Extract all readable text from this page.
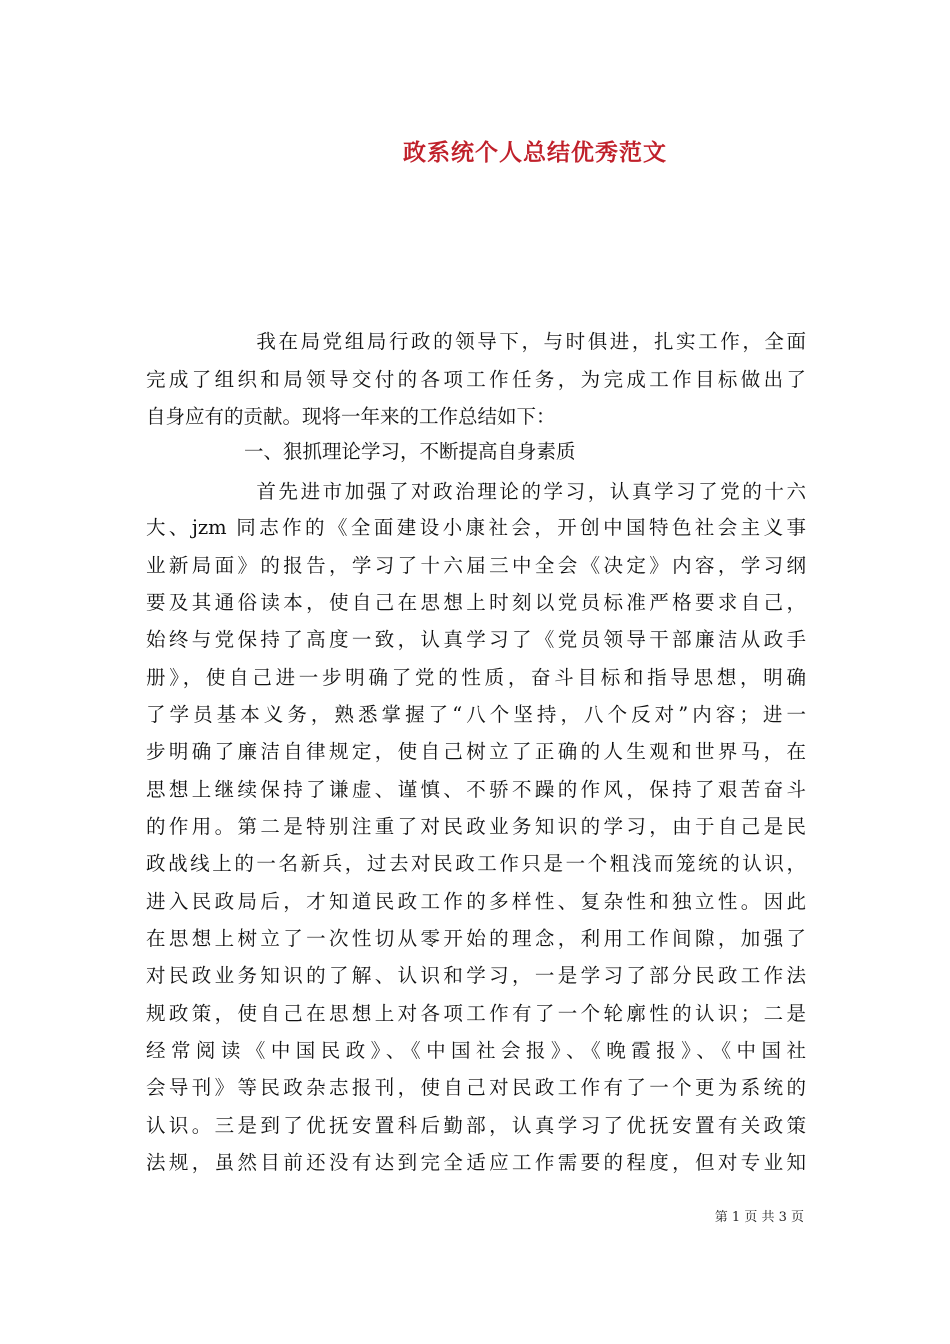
政系统个人总结优秀范文
　　　　　我在局党组局行政的领导下，与时俱进，扎实工作，全面
完成了组织和局领导交付的各项工作任务，为完成工作目标做出了
自身应有的贡献。现将一年来的工作总结如下：
一、狠抓理论学习，不断提高自身素质
　　　　　首先进市加强了对政治理论的学习，认真学习了党的十六
大、jzm 同志作的《全面建设小康社会，开创中国特色社会主义事
业新局面》的报告，学习了十六届三中全会《决定》内容，学习纲
要及其通俗读本，使自己在思想上时刻以党员标准严格要求自己，
始终与党保持了高度一致，认真学习了《党员领导干部廉洁从政手
册》，使自己进一步明确了党的性质，奋斗目标和指导思想，明确
了学员基本义务，熟悉掌握了“八个坚持，八个反对”内容；进一
步明确了廉洁自律规定，使自己树立了正确的人生观和世界马，在
思想上继续保持了谦虚、谨慎、不骄不躁的作风，保持了艰苦奋斗
的作用。第二是特别注重了对民政业务知识的学习，由于自己是民
政战线上的一名新兵，过去对民政工作只是一个粗浅而笼统的认识，
进入民政局后，才知道民政工作的多样性、复杂性和独立性。因此
在思想上树立了一次性切从零开始的理念，利用工作间隙，加强了
对民政业务知识的了解、认识和学习，一是学习了部分民政工作法
规政策，使自己在思想上对各项工作有了一个轮廓性的认识；二是
经常阅读《中国民政》、《中国社会报》、《晚霞报》、《中国社
会导刊》等民政杂志报刊，使自己对民政工作有了一个更为系统的
认识。三是到了优抚安置科后勤部，认真学习了优抚安置有关政策
法规，虽然目前还没有达到完全适应工作需要的程度，但对专业知
第 1 页 共 3 页
